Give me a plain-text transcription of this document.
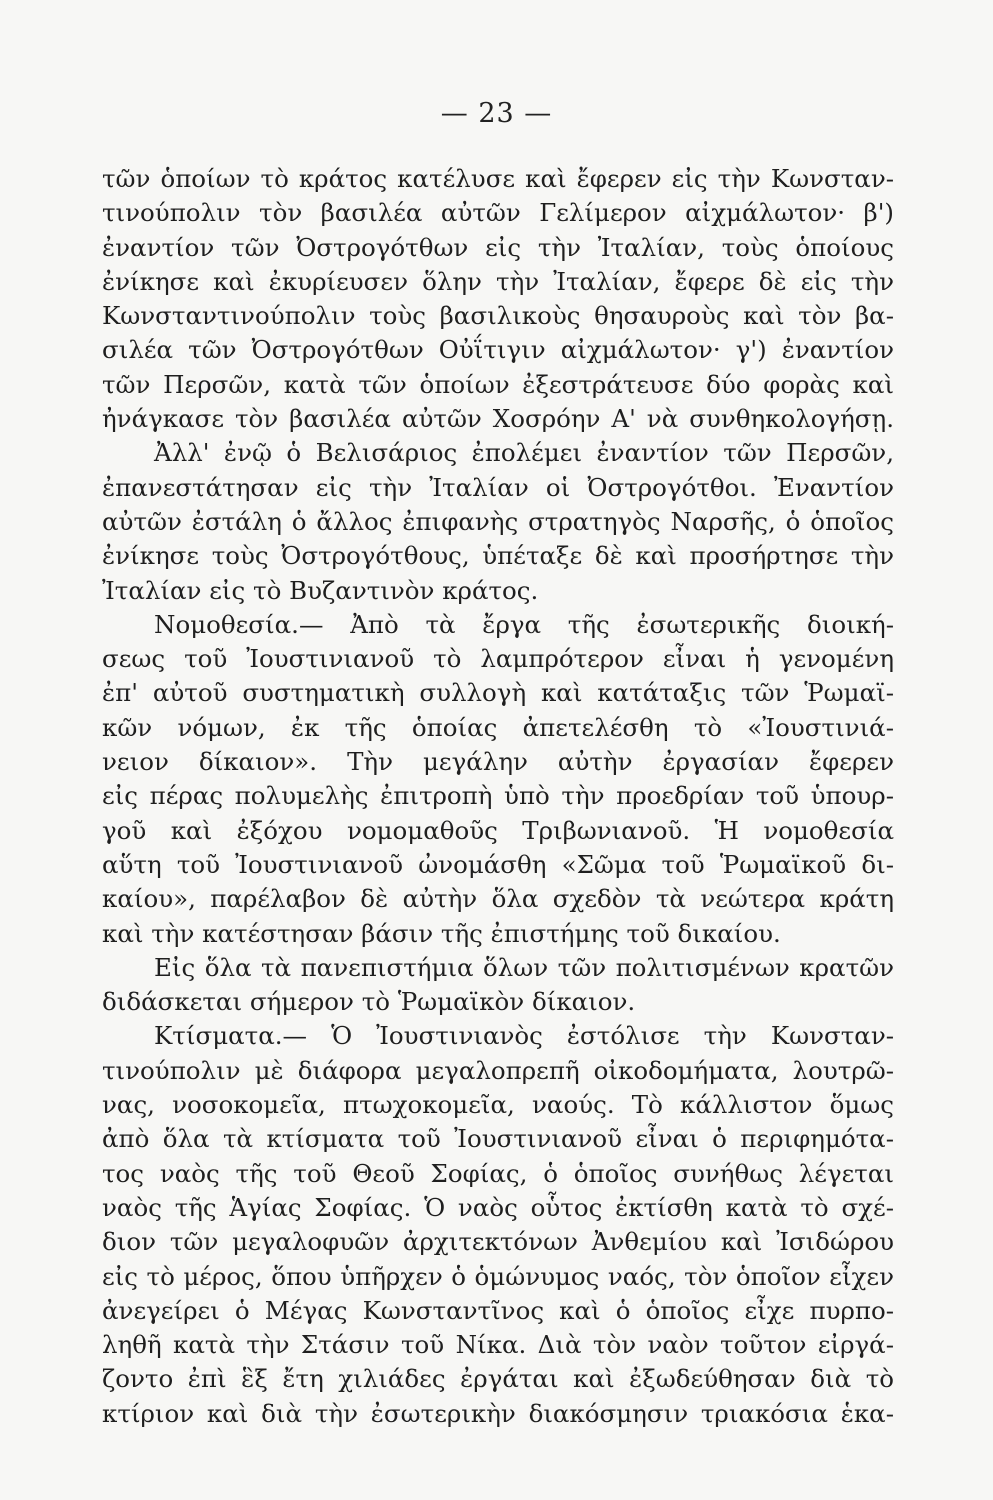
— 23 —
τῶν ὁποίων τὸ κράτος κατέλυσε καὶ ἔφερεν εἰς τὴν Κωνσταν-
τινούπολιν τὸν βασιλέα αὐτῶν Γελίμερον αἰχμάλωτον· β')
ἐναντίον τῶν Ὀστρογότθων εἰς τὴν Ἰταλίαν, τοὺς ὁποίους
ἐνίκησε καὶ ἐκυρίευσεν ὅλην τὴν Ἰταλίαν, ἔφερε δὲ εἰς τὴν
Κωνσταντινούπολιν τοὺς βασιλικοὺς θησαυροὺς καὶ τὸν βα-
σιλέα τῶν Ὀστρογότθων Οὐΐτιγιν αἰχμάλωτον· γ') ἐναντίον
τῶν Περσῶν, κατὰ τῶν ὁποίων ἐξεστράτευσε δύο φορὰς καὶ
ἠνάγκασε τὸν βασιλέα αὐτῶν Χοσρόην Α' νὰ συνθηκολογήσῃ.
Ἀλλ' ἐνῷ ὁ Βελισάριος ἐπολέμει ἐναντίον τῶν Περσῶν,
ἐπανεστάτησαν εἰς τὴν Ἰταλίαν οἱ Ὀστρογότθοι. Ἐναντίον
αὐτῶν ἐστάλη ὁ ἄλλος ἐπιφανὴς στρατηγὸς Ναρσῆς, ὁ ὁποῖος
ἐνίκησε τοὺς Ὀστρογότθους, ὑπέταξε δὲ καὶ προσήρτησε τὴν
Ἰταλίαν εἰς τὸ Βυζαντινὸν κράτος.
Νομοθεσία.— Ἀπὸ τὰ ἔργα τῆς ἐσωτερικῆς διοική-
σεως τοῦ Ἰουστινιανοῦ τὸ λαμπρότερον εἶναι ἡ γενομένη
ἐπ' αὐτοῦ συστηματικὴ συλλογὴ καὶ κατάταξις τῶν Ῥωμαϊ-
κῶν νόμων, ἐκ τῆς ὁποίας ἀπετελέσθη τὸ «Ἰουστινιά-
νειον δίκαιον». Τὴν μεγάλην αὐτὴν ἐργασίαν ἔφερεν
εἰς πέρας πολυμελὴς ἐπιτροπὴ ὑπὸ τὴν προεδρίαν τοῦ ὑπουρ-
γοῦ καὶ ἐξόχου νομομαθοῦς Τριβωνιανοῦ. Ἡ νομοθεσία
αὕτη τοῦ Ἰουστινιανοῦ ὠνομάσθη «Σῶμα τοῦ Ῥωμαϊκοῦ δι-
καίου», παρέλαβον δὲ αὐτὴν ὅλα σχεδὸν τὰ νεώτερα κράτη
καὶ τὴν κατέστησαν βάσιν τῆς ἐπιστήμης τοῦ δικαίου.
Εἰς ὅλα τὰ πανεπιστήμια ὅλων τῶν πολιτισμένων κρατῶν
διδάσκεται σήμερον τὸ Ῥωμαϊκὸν δίκαιον.
Κτίσματα.— Ὁ Ἰουστινιανὸς ἐστόλισε τὴν Κωνσταν-
τινούπολιν μὲ διάφορα μεγαλοπρεπῆ οἰκοδομήματα, λουτρῶ-
νας, νοσοκομεῖα, πτωχοκομεῖα, ναούς. Τὸ κάλλιστον ὅμως
ἀπὸ ὅλα τὰ κτίσματα τοῦ Ἰουστινιανοῦ εἶναι ὁ περιφημότα-
τος ναὸς τῆς τοῦ Θεοῦ Σοφίας, ὁ ὁποῖος συνήθως λέγεται
ναὸς τῆς Ἁγίας Σοφίας. Ὁ ναὸς οὗτος ἐκτίσθη κατὰ τὸ σχέ-
διον τῶν μεγαλοφυῶν ἀρχιτεκτόνων Ἀνθεμίου καὶ Ἰσιδώρου
εἰς τὸ μέρος, ὅπου ὑπῆρχεν ὁ ὁμώνυμος ναός, τὸν ὁποῖον εἶχεν
ἀνεγείρει ὁ Μέγας Κωνσταντῖνος καὶ ὁ ὁποῖος εἶχε πυρπο-
ληθῆ κατὰ τὴν Στάσιν τοῦ Νίκα. Διὰ τὸν ναὸν τοῦτον εἰργά-
ζοντο ἐπὶ ἓξ ἔτη χιλιάδες ἐργάται καὶ ἐξωδεύθησαν διὰ τὸ
κτίριον καὶ διὰ τὴν ἐσωτερικὴν διακόσμησιν τριακόσια ἑκα-
